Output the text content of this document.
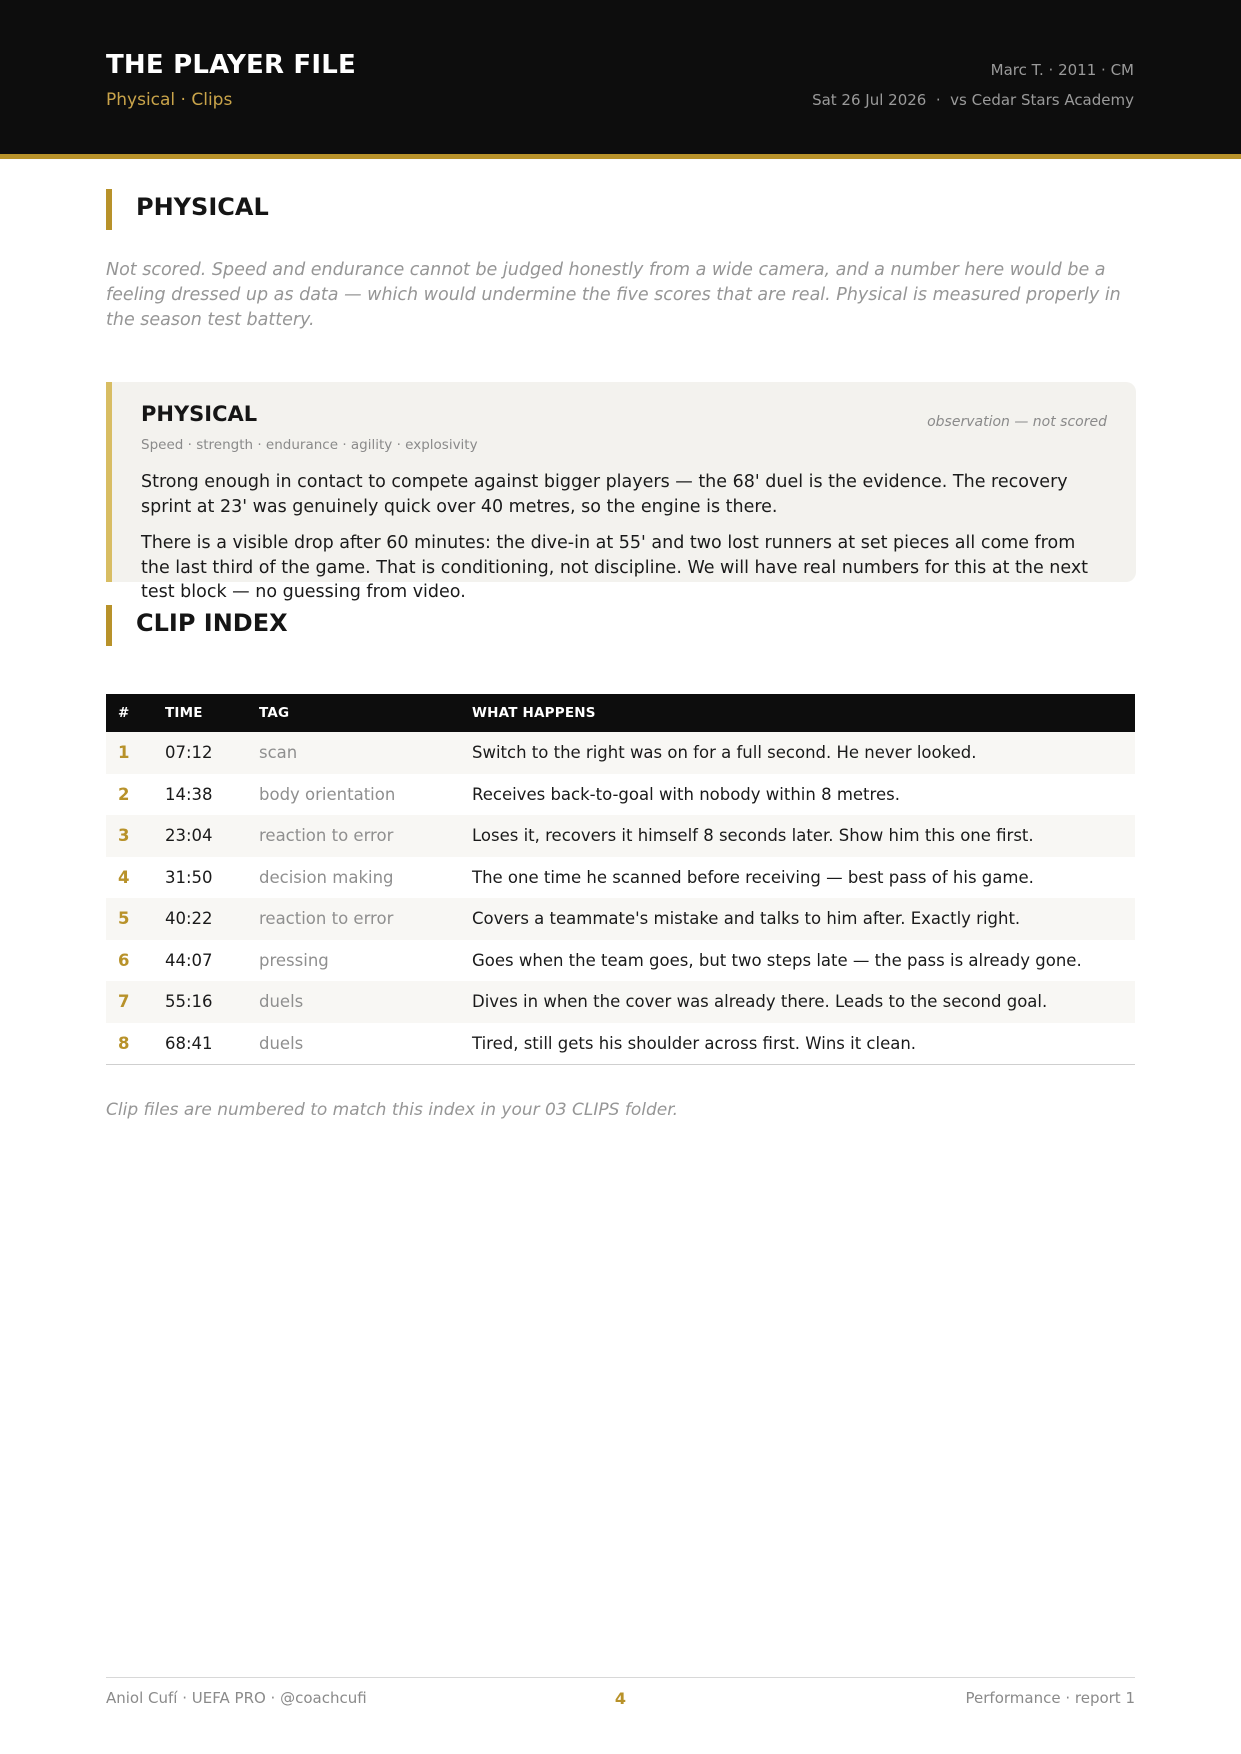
THE PLAYER FILE
Physical · Clips
Marc T. · 2011 · CM
Sat 26 Jul 2026  ·  vs Cedar Stars Academy
PHYSICAL

Not scored. Speed and endurance cannot be judged honestly from a wide camera, and a number here would be a feeling dressed up as data — which would undermine the five scores that are real. Physical is measured properly in the season test battery.

PHYSICAL	observation — not scored
Speed · strength · endurance · agility · explosivity

Strong enough in contact to compete against bigger players — the 68' duel is the evidence. The recovery sprint at 23' was genuinely quick over 40 metres, so the engine is there.

There is a visible drop after 60 minutes: the dive-in at 55' and two lost runners at set pieces all come from the last third of the game. That is conditioning, not discipline. We will have real numbers for this at the next test block — no guessing from video.

CLIP INDEX
#	TIME	TAG	WHAT HAPPENS
1	07:12	scan	Switch to the right was on for a full second. He never looked.
2	14:38	body orientation	Receives back-to-goal with nobody within 8 metres.
3	23:04	reaction to error	Loses it, recovers it himself 8 seconds later. Show him this one first.
4	31:50	decision making	The one time he scanned before receiving — best pass of his game.
5	40:22	reaction to error	Covers a teammate's mistake and talks to him after. Exactly right.
6	44:07	pressing	Goes when the team goes, but two steps late — the pass is already gone.
7	55:16	duels	Dives in when the cover was already there. Leads to the second goal.
8	68:41	duels	Tired, still gets his shoulder across first. Wins it clean.

Clip files are numbered to match this index in your 03 CLIPS folder.

Aniol Cufí · UEFA PRO · @coachcufi	4	Performance · report 1
